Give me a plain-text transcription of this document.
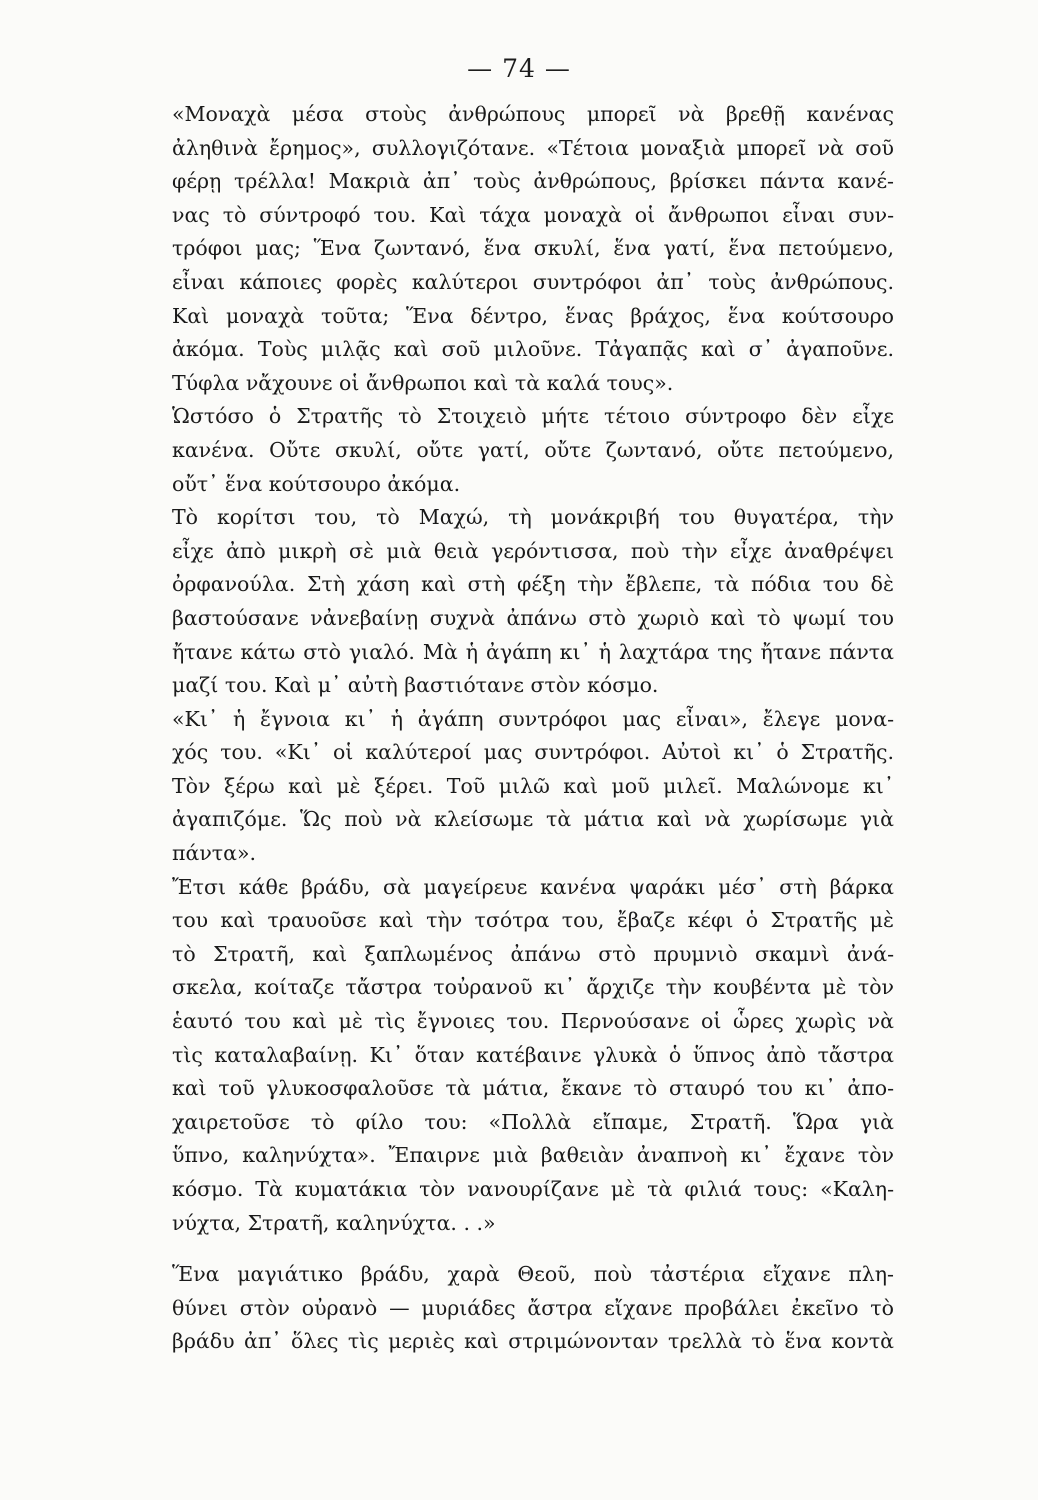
— 74 —
«Μοναχὰ μέσα στοὺς ἀνθρώπους μπορεῖ νὰ βρεθῇ κανένας
ἀληθινὰ ἔρημος», συλλογιζότανε. «Τέτοια μοναξιὰ μπορεῖ νὰ σοῦ
φέρῃ τρέλλα! Μακριὰ ἀπ᾿ τοὺς ἀνθρώπους, βρίσκει πάντα κανέ-
νας τὸ σύντροφό του. Καὶ τάχα μοναχὰ οἱ ἄνθρωποι εἶναι συν-
τρόφοι μας; Ἕνα ζωντανό, ἕνα σκυλί, ἕνα γατί, ἕνα πετούμενο,
εἶναι κάποιες φορὲς καλύτεροι συντρόφοι ἀπ᾿ τοὺς ἀνθρώπους.
Καὶ μοναχὰ τοῦτα; Ἕνα δέντρο, ἕνας βράχος, ἕνα κούτσουρο
ἀκόμα. Τοὺς μιλᾷς καὶ σοῦ μιλοῦνε. Τἀγαπᾷς καὶ σ᾿ ἀγαποῦνε.
Τύφλα νἄχουνε οἱ ἄνθρωποι καὶ τὰ καλά τους».
Ὡστόσο ὁ Στρατῆς τὸ Στοιχειὸ μήτε τέτοιο σύντροφο δὲν εἶχε
κανένα. Οὔτε σκυλί, οὔτε γατί, οὔτε ζωντανό, οὔτε πετούμενο,
οὔτ᾿ ἕνα κούτσουρο ἀκόμα.
Τὸ κορίτσι του, τὸ Μαχώ, τὴ μονάκριβή του θυγατέρα, τὴν
εἶχε ἀπὸ μικρὴ σὲ μιὰ θειὰ γερόντισσα, ποὺ τὴν εἶχε ἀναθρέψει
ὀρφανούλα. Στὴ χάση καὶ στὴ φέξη τὴν ἔβλεπε, τὰ πόδια του δὲ
βαστούσανε νἀνεβαίνῃ συχνὰ ἀπάνω στὸ χωριὸ καὶ τὸ ψωμί του
ἤτανε κάτω στὸ γιαλό. Μὰ ἡ ἀγάπη κι᾿ ἡ λαχτάρα της ἤτανε πάντα
μαζί του. Καὶ μ᾿ αὐτὴ βαστιότανε στὸν κόσμο.
«Κι᾿ ἡ ἔγνοια κι᾿ ἡ ἀγάπη συντρόφοι μας εἶναι», ἔλεγε μονα-
χός του. «Κι᾿ οἱ καλύτεροί μας συντρόφοι. Αὐτοὶ κι᾿ ὁ Στρατῆς.
Τὸν ξέρω καὶ μὲ ξέρει. Τοῦ μιλῶ καὶ μοῦ μιλεῖ. Μαλώνομε κι᾿
ἀγαπιζόμε. Ὥς ποὺ νὰ κλείσωμε τὰ μάτια καὶ νὰ χωρίσωμε γιὰ
πάντα».
Ἔτσι κάθε βράδυ, σὰ μαγείρευε κανένα ψαράκι μέσ᾿ στὴ βάρκα
του καὶ τραυοῦσε καὶ τὴν τσότρα του, ἔβαζε κέφι ὁ Στρατῆς μὲ
τὸ Στρατῆ, καὶ ξαπλωμένος ἀπάνω στὸ πρυμνιὸ σκαμνὶ ἀνά-
σκελα, κοίταζε τἄστρα τοὐρανοῦ κι᾿ ἄρχιζε τὴν κουβέντα μὲ τὸν
ἑαυτό του καὶ μὲ τὶς ἔγνοιες του. Περνούσανε οἱ ὧρες χωρὶς νὰ
τὶς καταλαβαίνῃ. Κι᾿ ὅταν κατέβαινε γλυκὰ ὁ ὕπνος ἀπὸ τἄστρα
καὶ τοῦ γλυκοσφαλοῦσε τὰ μάτια, ἔκανε τὸ σταυρό του κι᾿ ἀπο-
χαιρετοῦσε τὸ φίλο του: «Πολλὰ εἴπαμε, Στρατῆ. Ὥρα γιὰ
ὕπνο, καληνύχτα». Ἔπαιρνε μιὰ βαθειὰν ἀναπνοὴ κι᾿ ἔχανε τὸν
κόσμο. Τὰ κυματάκια τὸν νανουρίζανε μὲ τὰ φιλιά τους: «Καλη-
νύχτα, Στρατῆ, καληνύχτα. . .»
Ἕνα μαγιάτικο βράδυ, χαρὰ Θεοῦ, ποὺ τἀστέρια εἴχανε πλη-
θύνει στὸν οὐρανὸ — μυριάδες ἄστρα εἴχανε προβάλει ἐκεῖνο τὸ
βράδυ ἀπ᾿ ὅλες τὶς μεριὲς καὶ στριμώνονταν τρελλὰ τὸ ἕνα κοντὰ
